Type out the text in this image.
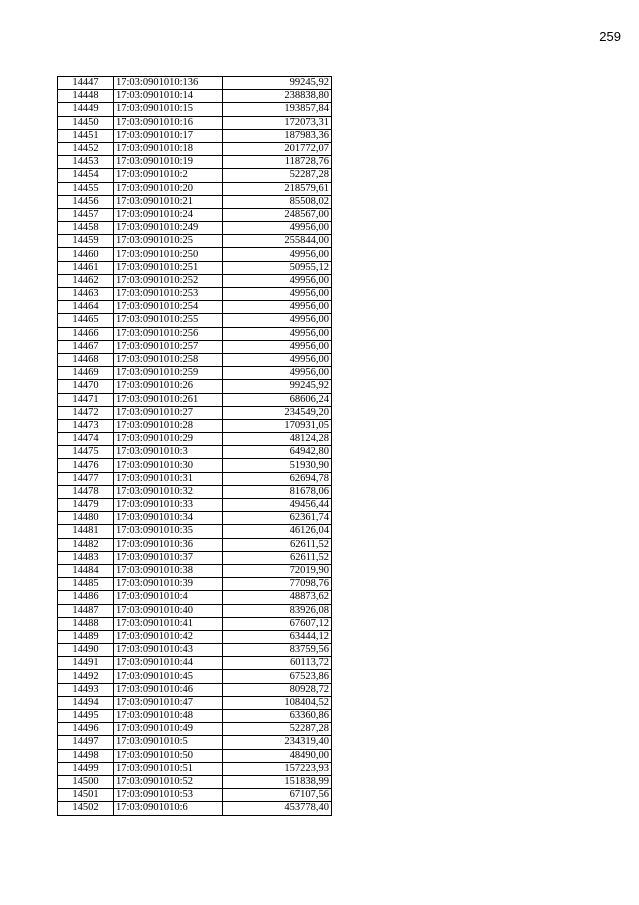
259
14447	17:03:0901010:136	99245,92
14448	17:03:0901010:14	238838,80
14449	17:03:0901010:15	193857,84
14450	17:03:0901010:16	172073,31
14451	17:03:0901010:17	187983,36
14452	17:03:0901010:18	201772,07
14453	17:03:0901010:19	118728,76
14454	17:03:0901010:2	52287,28
14455	17:03:0901010:20	218579,61
14456	17:03:0901010:21	85508,02
14457	17:03:0901010:24	248567,00
14458	17:03:0901010:249	49956,00
14459	17:03:0901010:25	255844,00
14460	17:03:0901010:250	49956,00
14461	17:03:0901010:251	50955,12
14462	17:03:0901010:252	49956,00
14463	17:03:0901010:253	49956,00
14464	17:03:0901010:254	49956,00
14465	17:03:0901010:255	49956,00
14466	17:03:0901010:256	49956,00
14467	17:03:0901010:257	49956,00
14468	17:03:0901010:258	49956,00
14469	17:03:0901010:259	49956,00
14470	17:03:0901010:26	99245,92
14471	17:03:0901010:261	68606,24
14472	17:03:0901010:27	234549,20
14473	17:03:0901010:28	170931,05
14474	17:03:0901010:29	48124,28
14475	17:03:0901010:3	64942,80
14476	17:03:0901010:30	51930,90
14477	17:03:0901010:31	62694,78
14478	17:03:0901010:32	81678,06
14479	17:03:0901010:33	49456,44
14480	17:03:0901010:34	62361,74
14481	17:03:0901010:35	46126,04
14482	17:03:0901010:36	62611,52
14483	17:03:0901010:37	62611,52
14484	17:03:0901010:38	72019,90
14485	17:03:0901010:39	77098,76
14486	17:03:0901010:4	48873,62
14487	17:03:0901010:40	83926,08
14488	17:03:0901010:41	67607,12
14489	17:03:0901010:42	63444,12
14490	17:03:0901010:43	83759,56
14491	17:03:0901010:44	60113,72
14492	17:03:0901010:45	67523,86
14493	17:03:0901010:46	80928,72
14494	17:03:0901010:47	108404,52
14495	17:03:0901010:48	63360,86
14496	17:03:0901010:49	52287,28
14497	17:03:0901010:5	234319,40
14498	17:03:0901010:50	48490,00
14499	17:03:0901010:51	157223,93
14500	17:03:0901010:52	151838,99
14501	17:03:0901010:53	67107,56
14502	17:03:0901010:6	453778,40
